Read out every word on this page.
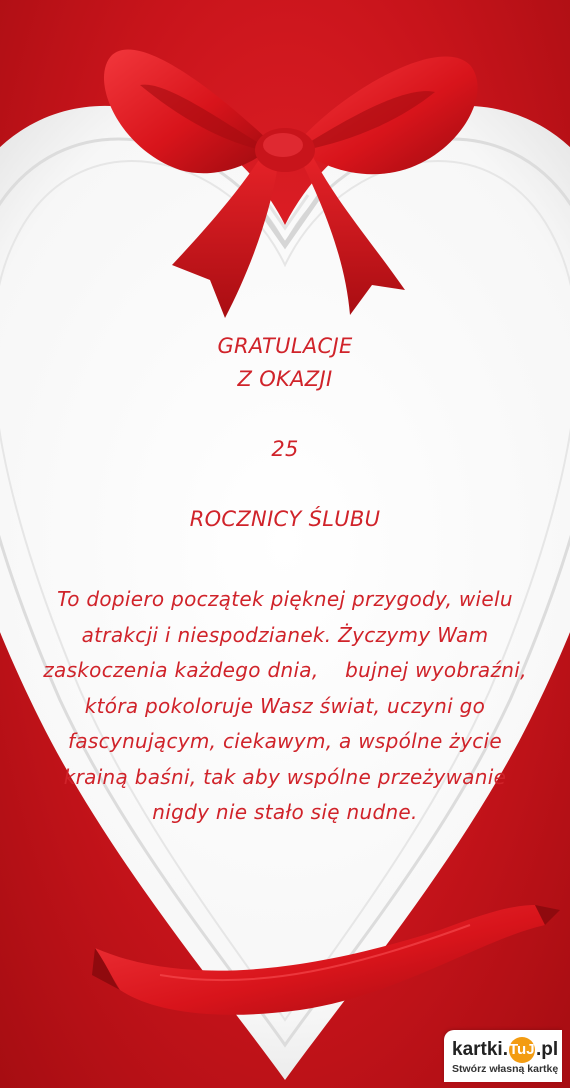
GRATULACJE
Z OKAZJI
25
ROCZNICY ŚLUBU
To dopiero początek pięknej przygody, wielu atrakcji i niespodzianek. Życzymy Wam zaskoczenia każdego dnia,    bujnej wyobraźni, która pokoloruje Wasz świat, uczyni go fascynującym, ciekawym, a wspólne życie krainą baśni, tak aby wspólne przeżywanie nigdy nie stało się nudne.
kartki. TuJa
.pl
Stwórz własną kartkę
